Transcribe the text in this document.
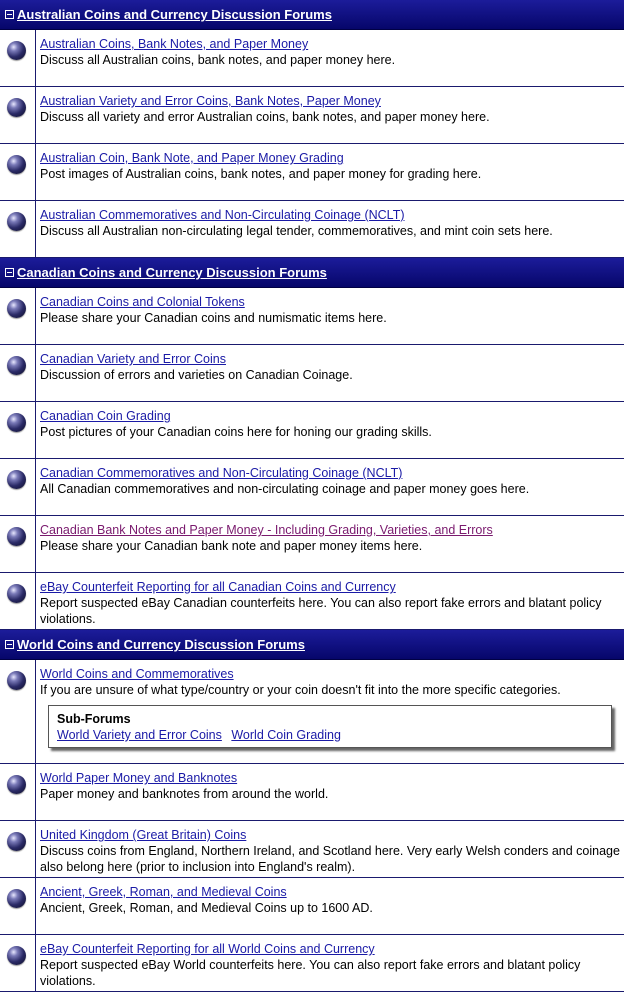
Australian Coins and Currency Discussion Forums
Australian Coins, Bank Notes, and Paper Money
Discuss all Australian coins, bank notes, and paper money here.
Australian Variety and Error Coins, Bank Notes, Paper Money
Discuss all variety and error Australian coins, bank notes, and paper money here.
Australian Coin, Bank Note, and Paper Money Grading
Post images of Australian coins, bank notes, and paper money for grading here.
Australian Commemoratives and Non-Circulating Coinage (NCLT)
Discuss all Australian non-circulating legal tender, commemoratives, and mint coin sets here.
Canadian Coins and Currency Discussion Forums
Canadian Coins and Colonial Tokens
Please share your Canadian coins and numismatic items here.
Canadian Variety and Error Coins
Discussion of errors and varieties on Canadian Coinage.
Canadian Coin Grading
Post pictures of your Canadian coins here for honing our grading skills.
Canadian Commemoratives and Non-Circulating Coinage (NCLT)
All Canadian commemoratives and non-circulating coinage and paper money goes here.
Canadian Bank Notes and Paper Money - Including Grading, Varieties, and Errors
Please share your Canadian bank note and paper money items here.
eBay Counterfeit Reporting for all Canadian Coins and Currency
Report suspected eBay Canadian counterfeits here. You can also report fake errors and blatant policy violations.
World Coins and Currency Discussion Forums
World Coins and Commemoratives
If you are unsure of what type/country or your coin doesn't fit into the more specific categories.
Sub-Forums
World Variety and Error Coins World Coin Grading
World Paper Money and Banknotes
Paper money and banknotes from around the world.
United Kingdom (Great Britain) Coins
Discuss coins from England, Northern Ireland, and Scotland here. Very early Welsh conders and coinage also belong here (prior to inclusion into England's realm).
Ancient, Greek, Roman, and Medieval Coins
Ancient, Greek, Roman, and Medieval Coins up to 1600 AD.
eBay Counterfeit Reporting for all World Coins and Currency
Report suspected eBay World counterfeits here. You can also report fake errors and blatant policy violations.
